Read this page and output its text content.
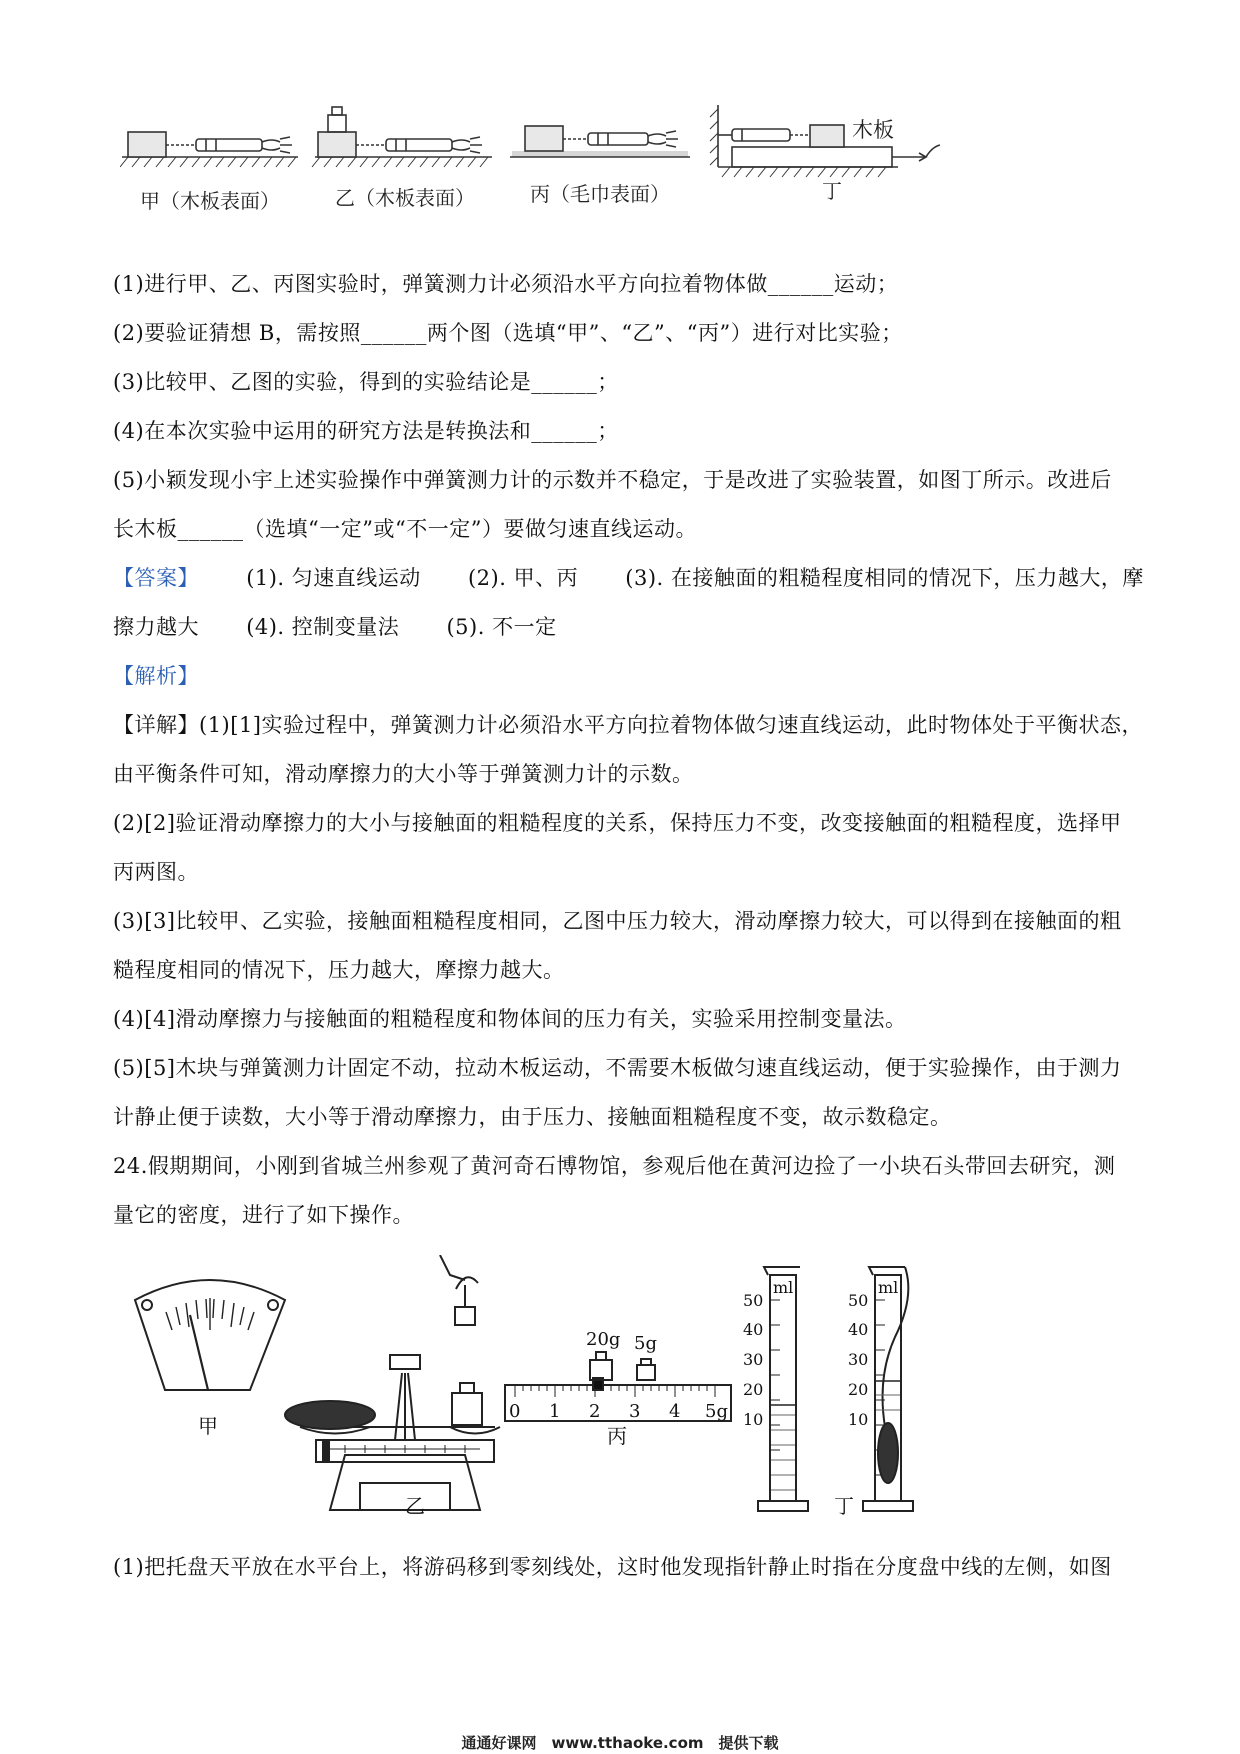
木板
甲（木板表面）	乙（木板表面）	丙（毛巾表面）	丁
(1)进行甲、乙、丙图实验时，弹簧测力计必须沿水平方向拉着物体做______运动；
(2)要验证猜想 B，需按照______两个图（选填“甲”、“乙”、“丙”）进行对比实验；
(3)比较甲、乙图的实验，得到的实验结论是______；
(4)在本次实验中运用的研究方法是转换法和______；
(5)小颖发现小宇上述实验操作中弹簧测力计的示数并不稳定，于是改进了实验装置，如图丁所示。改进后
长木板______（选填“一定”或“不一定”）要做匀速直线运动。
【答案】 (1). 匀速直线运动 (2). 甲、丙 (3). 在接触面的粗糙程度相同的情况下，压力越大，摩
擦力越大 (4). 控制变量法 (5). 不一定
【解析】
【详解】(1)[1]实验过程中，弹簧测力计必须沿水平方向拉着物体做匀速直线运动，此时物体处于平衡状态，
由平衡条件可知，滑动摩擦力的大小等于弹簧测力计的示数。
(2)[2]验证滑动摩擦力的大小与接触面的粗糙程度的关系，保持压力不变，改变接触面的粗糙程度，选择甲
丙两图。
(3)[3]比较甲、乙实验，接触面粗糙程度相同，乙图中压力较大，滑动摩擦力较大，可以得到在接触面的粗
糙程度相同的情况下，压力越大，摩擦力越大。
(4)[4]滑动摩擦力与接触面的粗糙程度和物体间的压力有关，实验采用控制变量法。
(5)[5]木块与弹簧测力计固定不动，拉动木板运动，不需要木板做匀速直线运动，便于实验操作，由于测力
计静止便于读数，大小等于滑动摩擦力，由于压力、接触面粗糙程度不变，故示数稳定。
24.假期期间，小刚到省城兰州参观了黄河奇石博物馆，参观后他在黄河边捡了一小块石头带回去研究，测
量它的密度，进行了如下操作。
甲	丙
20g 5g
0 1 2 3 4 5g
ml
50
40
30
20
10
ml
50
40
30
20
10
乙	丁
(1)把托盘天平放在水平台上，将游码移到零刻线处，这时他发现指针静止时指在分度盘中线的左侧，如图
通通好课网　www.tthaoke.com　提供下载
